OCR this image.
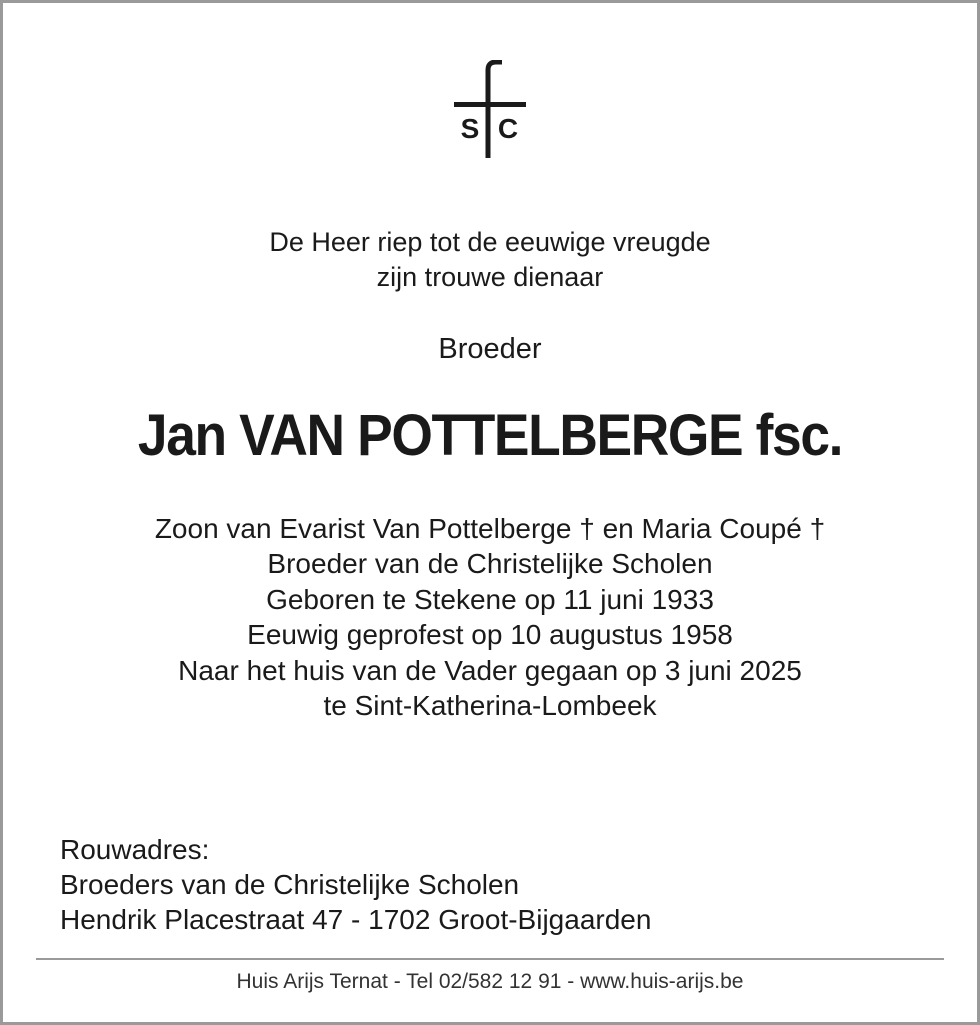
S C
De Heer riep tot de eeuwige vreugde
zijn trouwe dienaar
Broeder
Jan VAN POTTELBERGE fsc.
Zoon van Evarist Van Pottelberge † en Maria Coupé †
Broeder van de Christelijke Scholen
Geboren te Stekene op 11 juni 1933
Eeuwig geprofest op 10 augustus 1958
Naar het huis van de Vader gegaan op 3 juni 2025
te Sint-Katherina-Lombeek
Rouwadres:
Broeders van de Christelijke Scholen
Hendrik Placestraat 47 - 1702 Groot-Bijgaarden
Huis Arijs Ternat - Tel 02/582 12 91 - www.huis-arijs.be
